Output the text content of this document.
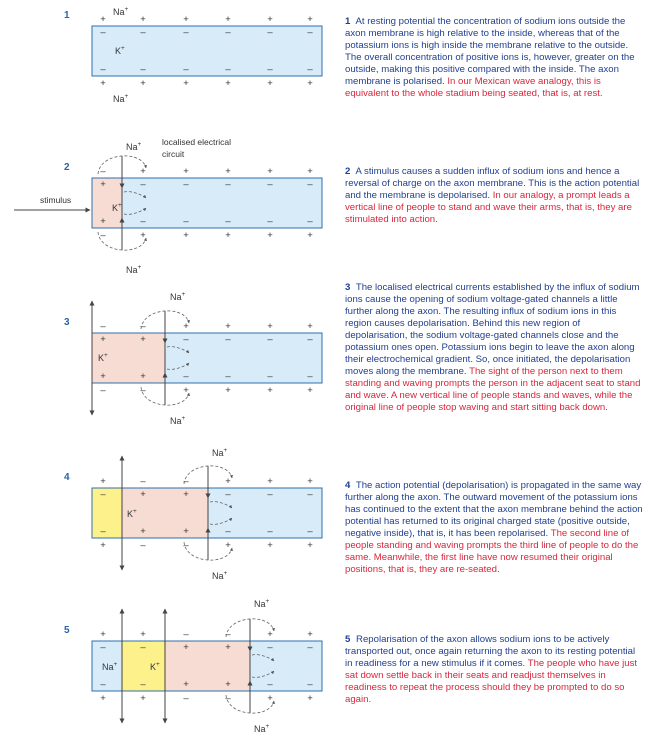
1	+	+	+	+	+	+
–	–	–	–	–	–
–	–	–	–	–	–
+	+	+	+	+	+
Na+
Na+
K+
2	–	+	+	+	+	+
+	–	–	–	–	–
+	–	–	–	–	–
–	+	+	+	+	+
Na+
Na+
K+
localised electrical
circuit
stimulus
3	–	–	+	+	+	+
+	+	–	–	–	–
+	+	–	–	–	–
–	–	+	+	+	+
Na+
Na+
K+
4	+	–	–	+	+	+
–	+	+	–	–	–
–	+	+	–	–	–
+	–	–	+	+	+
Na+
Na+
K+
5	+	+	–	–	+	+
–	–	+	+	–	–
–	–	+	+	–	–
+	+	–	–	+	+
Na+
Na+
K+
Na+
1 At resting potential the concentration of sodium ions outside the axon membrane is high relative to the inside, whereas that of the potassium ions is high inside the membrane relative to the outside. The overall concentration of positive ions is, however, greater on the outside, making this positive compared with the inside. The axon membrane is polarised. In our Mexican wave analogy, this is equivalent to the whole stadium being seated, that is, at rest.
2 A stimulus causes a sudden influx of sodium ions and hence a reversal of charge on the axon membrane. This is the action potential and the membrane is depolarised. In our analogy, a prompt leads a vertical line of people to stand and wave their arms, that is, they are stimulated into action.
3 The localised electrical currents established by the influx of sodium ions cause the opening of sodium voltage-gated channels a little further along the axon. The resulting influx of sodium ions in this region causes depolarisation. Behind this new region of depolarisation, the sodium voltage-gated channels close and the potassium ones open. Potassium ions begin to leave the axon along their electrochemical gradient. So, once initiated, the depolarisation moves along the membrane. The sight of the person next to them standing and waving prompts the person in the adjacent seat to stand and wave. A new vertical line of people stands and waves, while the original line of people stop waving and start sitting back down.
4 The action potential (depolarisation) is propagated in the same way further along the axon. The outward movement of the potassium ions has continued to the extent that the axon membrane behind the action potential has returned to its original charged state (positive outside, negative inside), that is, it has been repolarised. The second line of people standing and waving prompts the third line of people to do the same. Meanwhile, the first line have now resumed their original positions, that is, they are re-seated.
5 Repolarisation of the axon allows sodium ions to be actively transported out, once again returning the axon to its resting potential in readiness for a new stimulus if it comes. The people who have just sat down settle back in their seats and readjust themselves in readiness to repeat the process should they be prompted to do so again.
